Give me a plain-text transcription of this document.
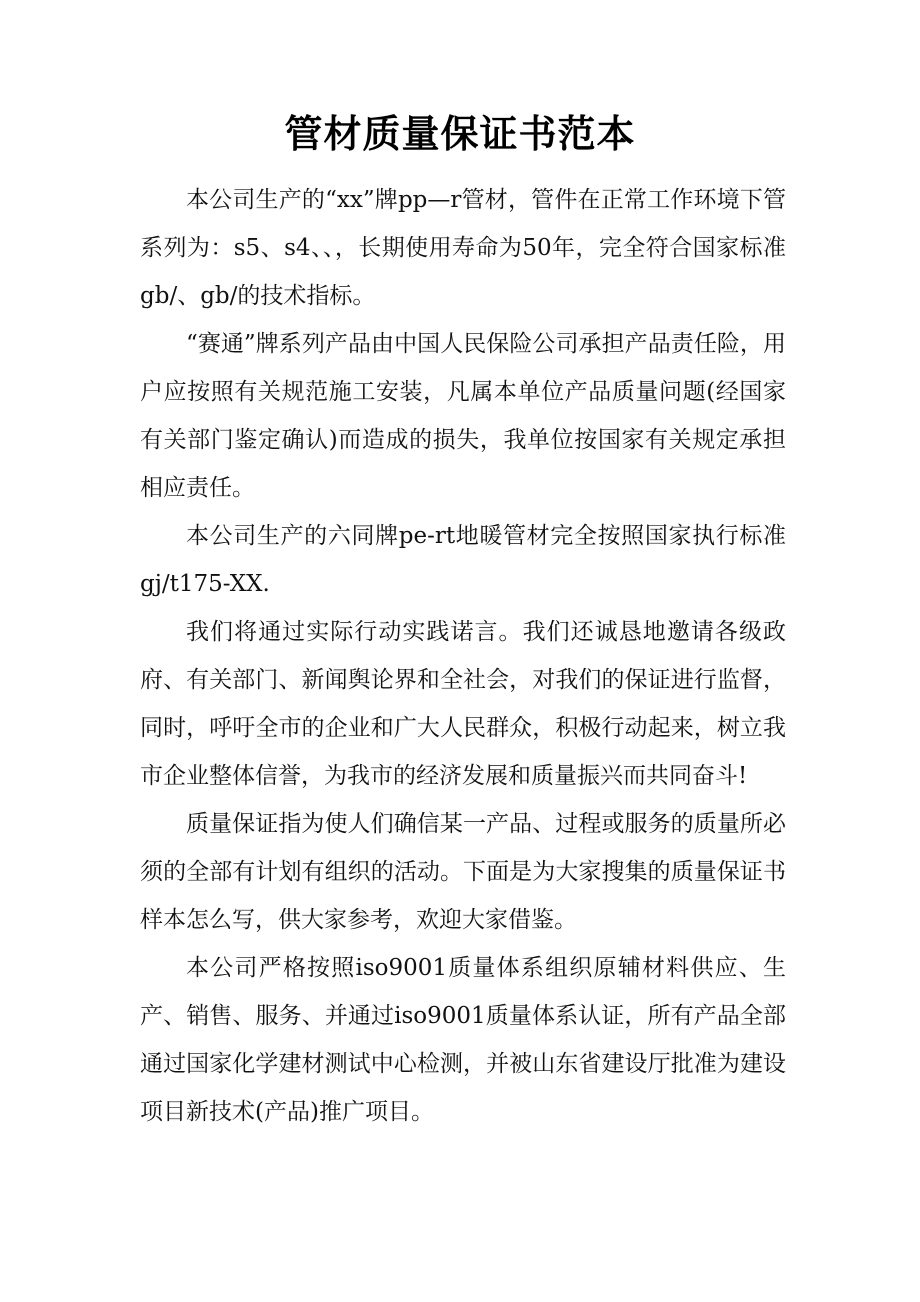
管材质量保证书范本

本公司生产的“xx”牌pp—r管材，管件在正常工作环境下管系列为：s5、s4、、，长期使用寿命为50年，完全符合国家标准gb/、gb/的技术指标。

“赛通”牌系列产品由中国人民保险公司承担产品责任险，用户应按照有关规范施工安装，凡属本单位产品质量问题(经国家有关部门鉴定确认)而造成的损失，我单位按国家有关规定承担相应责任。

本公司生产的六同牌pe-rt地暖管材完全按照国家执行标准gj/t175-XX.

我们将通过实际行动实践诺言。我们还诚恳地邀请各级政府、有关部门、新闻舆论界和全社会，对我们的保证进行监督，同时，呼吁全市的企业和广大人民群众，积极行动起来，树立我市企业整体信誉，为我市的经济发展和质量振兴而共同奋斗!

质量保证指为使人们确信某一产品、过程或服务的质量所必须的全部有计划有组织的活动。下面是为大家搜集的质量保证书样本怎么写，供大家参考，欢迎大家借鉴。

本公司严格按照iso9001质量体系组织原辅材料供应、生产、销售、服务、并通过iso9001质量体系认证，所有产品全部通过国家化学建材测试中心检测，并被山东省建设厅批准为建设项目新技术(产品)推广项目。
